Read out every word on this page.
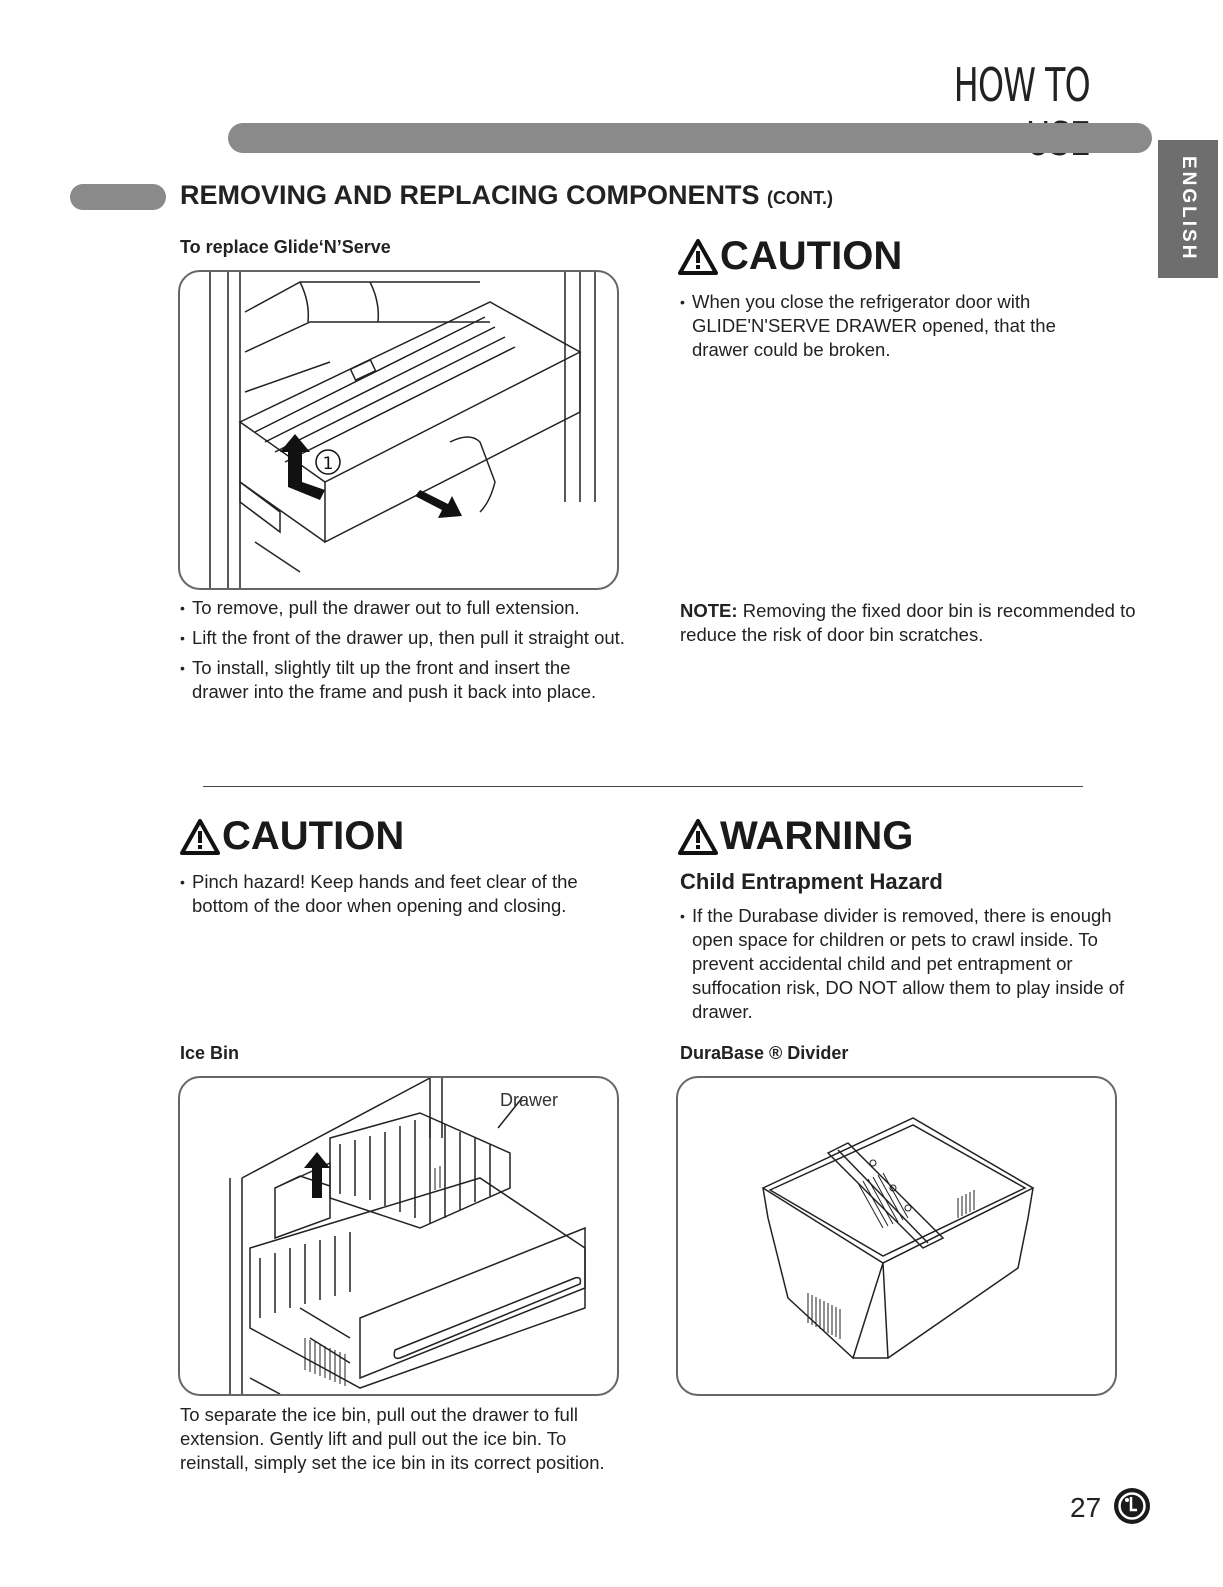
HOW TO
ENGLISH
REMOVING AND REPLACING COMPONENTS (CONT.)
To replace Glide‘N’Serve
1
• To remove, pull the drawer out to full extension.
• Lift the front of the drawer up, then pull it straight out.
• To install, slightly tilt up the front and insert the drawer into the frame and push it back into place.
CAUTION
• When you close the refrigerator door with GLIDE'N'SERVE DRAWER opened, that the drawer could be broken.
NOTE: Removing the fixed door bin is recommended to reduce the risk of door bin scratches.
CAUTION
• Pinch hazard! Keep hands and feet clear of the bottom of the door when opening and closing.
WARNING
Child Entrapment Hazard
• If the Durabase divider is removed, there is enough open space for children or pets to crawl inside. To prevent accidental child and pet entrapment or suffocation risk, DO NOT allow them to play inside of drawer.
Ice Bin
Drawer
To separate the ice bin, pull out the drawer to full extension. Gently lift and pull out the ice bin. To reinstall, simply set the ice bin in its correct position.
DuraBase ® Divider
27
